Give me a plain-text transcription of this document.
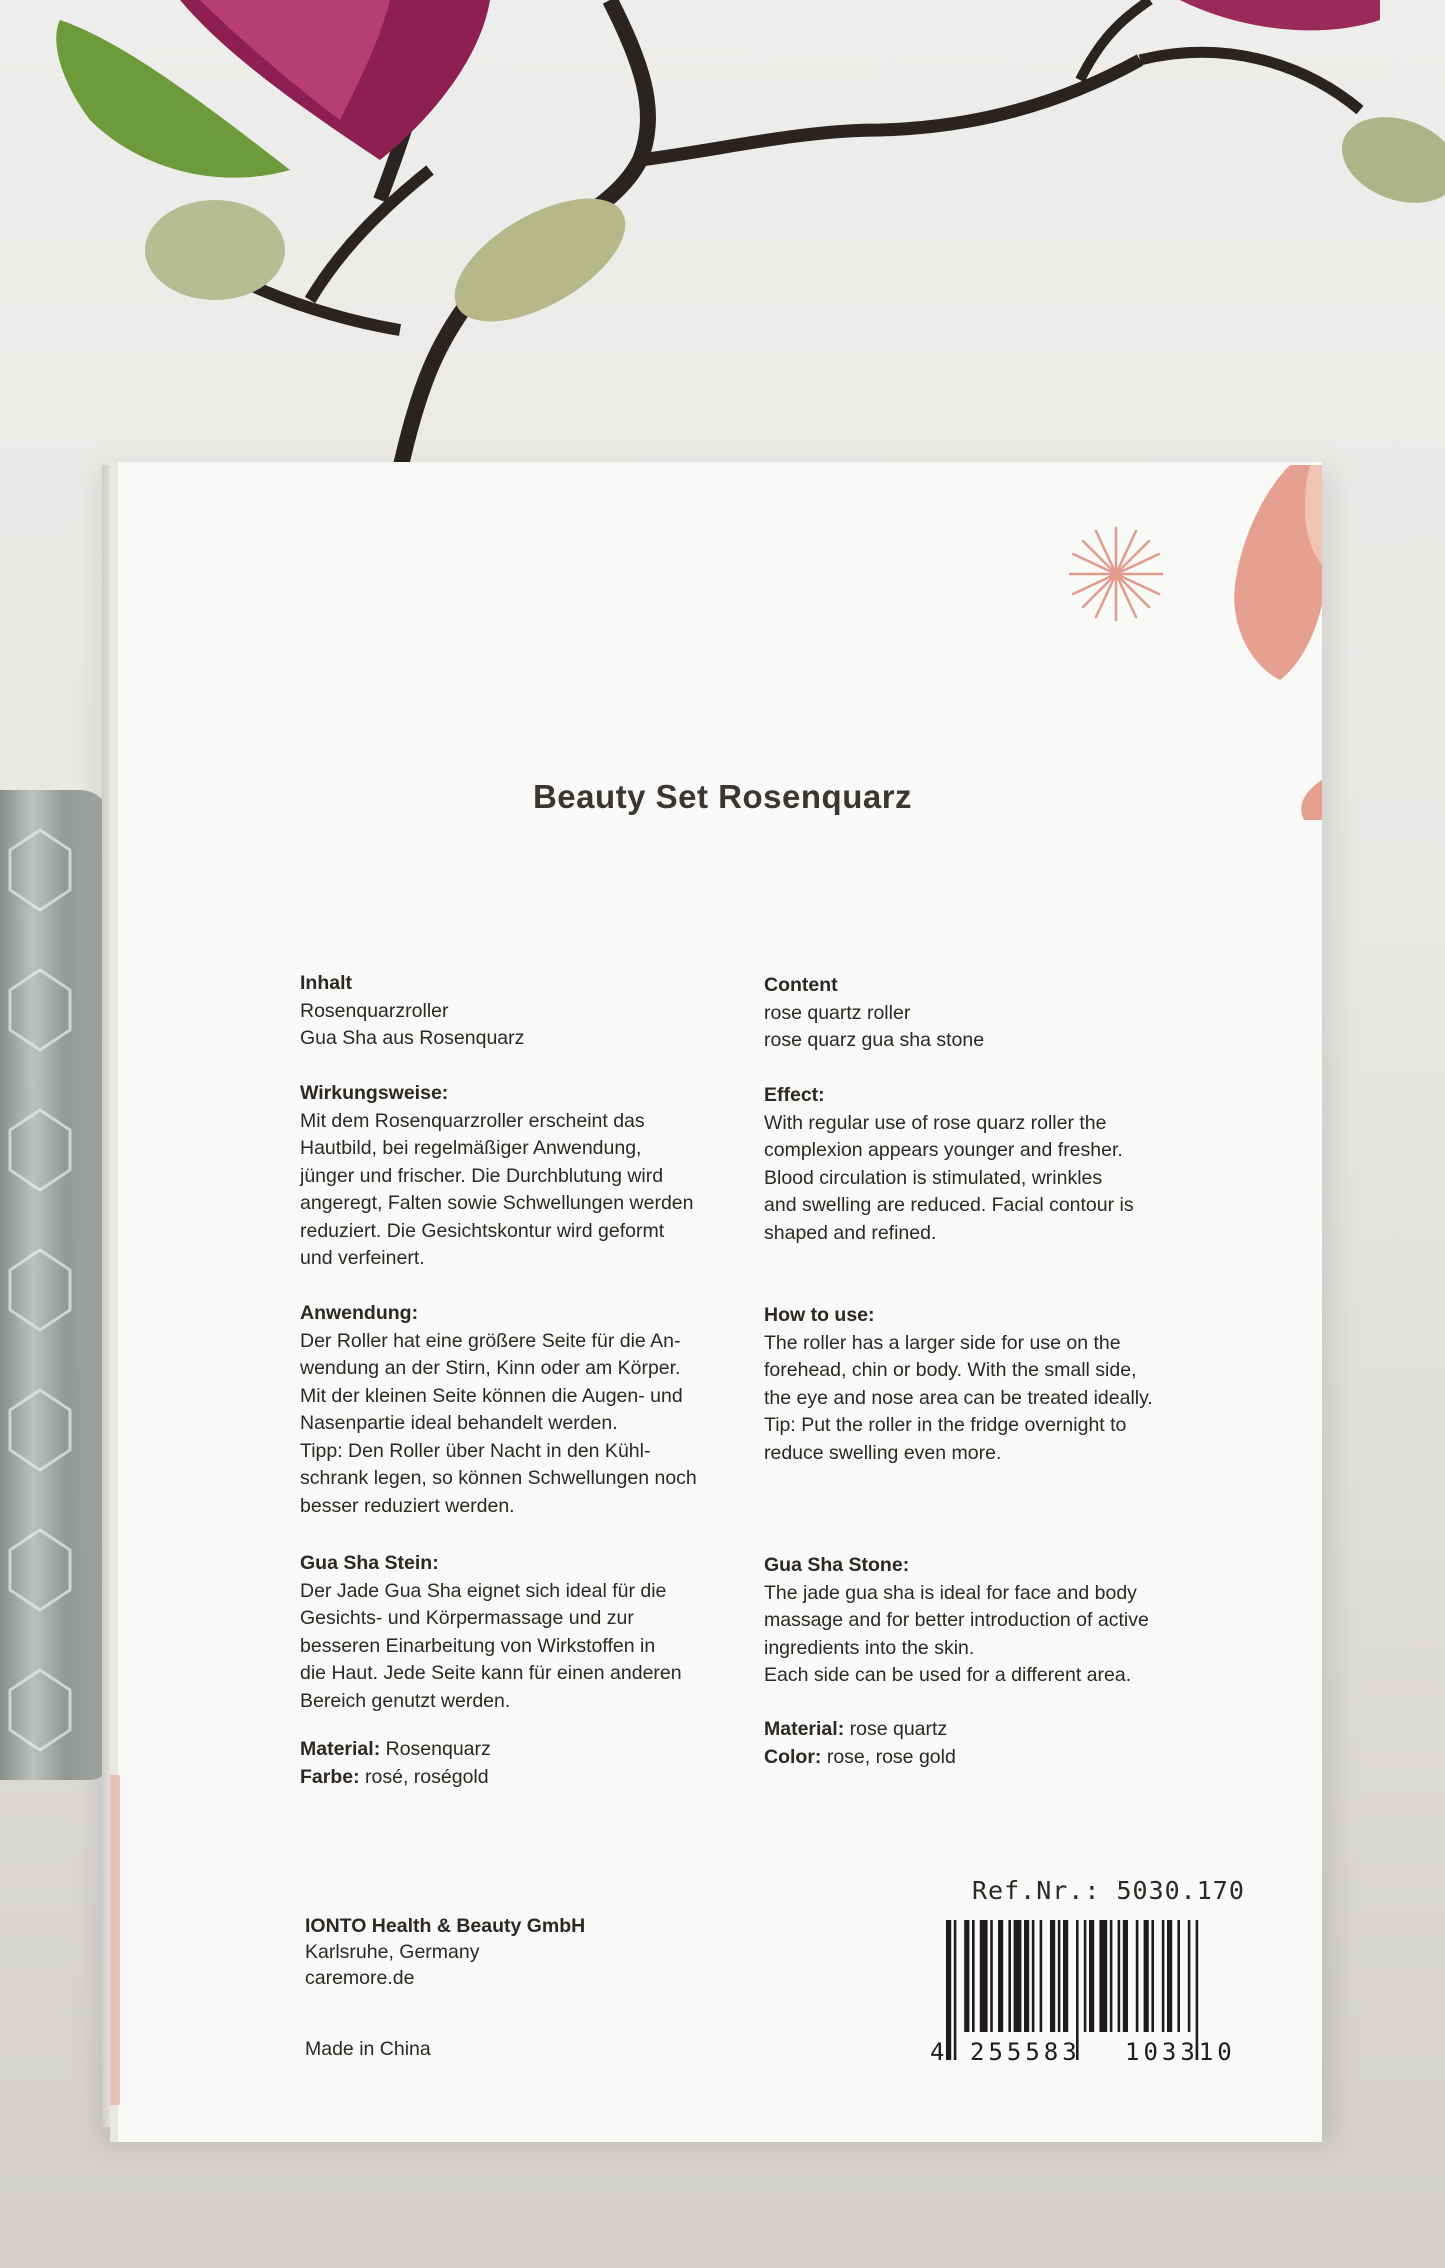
Beauty Set Rosenquarz

Inhalt

Rosenquarzroller

Gua Sha aus Rosenquarz

Wirkungsweise:

Mit dem Rosenquarzroller erscheint das

Hautbild, bei regelmäßiger Anwendung,

jünger und frischer. Die Durchblutung wird

angeregt, Falten sowie Schwellungen werden

reduziert. Die Gesichtskontur wird geformt

und verfeinert.

Anwendung:

Der Roller hat eine größere Seite für die An-

wendung an der Stirn, Kinn oder am Körper.

Mit der kleinen Seite können die Augen- und

Nasenpartie ideal behandelt werden.

Tipp: Den Roller über Nacht in den Kühl-

schrank legen, so können Schwellungen noch

besser reduziert werden.

Gua Sha Stein:

Der Jade Gua Sha eignet sich ideal für die

Gesichts- und Körpermassage und zur

besseren Einarbeitung von Wirkstoffen in

die Haut. Jede Seite kann für einen anderen

Bereich genutzt werden.

Material: Rosenquarz

Farbe: rosé, roségold

Content

rose quartz roller

rose quarz gua sha stone

Effect:

With regular use of rose quarz roller the

complexion appears younger and fresher.

Blood circulation is stimulated, wrinkles

and swelling are reduced. Facial contour is

shaped and refined.

How to use:

The roller has a larger side for use on the

forehead, chin or body. With the small side,

the eye and nose area can be treated ideally.

Tip: Put the roller in the fridge overnight to

reduce swelling even more.

Gua Sha Stone:

The jade gua sha is ideal for face and body

massage and for better introduction of active

ingredients into the skin.

Each side can be used for a different area.

Material: rose quartz

Color: rose, rose gold

IONTO Health & Beauty GmbH
Karlsruhe, Germany
caremore.de
Made in China
Ref.Nr.: 5030.170
4 255583 103310
